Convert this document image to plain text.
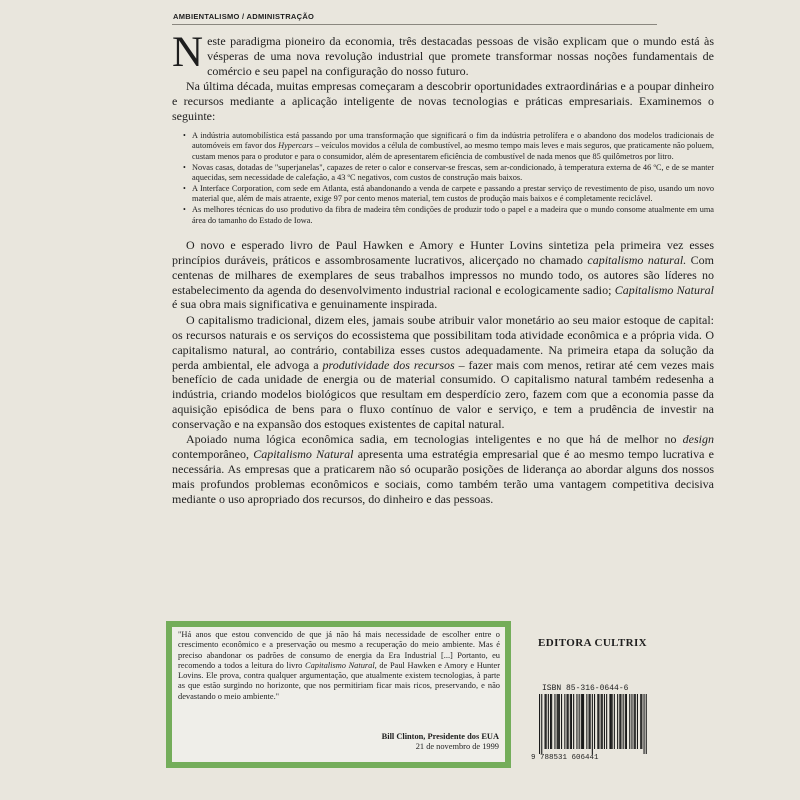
AMBIENTALISMO / ADMINISTRAÇÃO

Neste paradigma pioneiro da economia, três destacadas pessoas de visão explicam que o mundo está às vésperas de uma nova revolução industrial que promete transformar nossas noções fundamentais de comércio e seu papel na configuração do nosso futuro.

Na última década, muitas empresas começaram a descobrir oportunidades extraordinárias e a poupar dinheiro e recursos mediante a aplicação inteligente de novas tecnologias e práticas empresariais. Examinemos o seguinte:

• A indústria automobilística está passando por uma transformação que significará o fim da indústria petrolífera e o abandono dos modelos tradicionais de automóveis em favor dos Hypercars – veículos movidos a célula de combustível, ao mesmo tempo mais leves e mais seguros, que praticamente não poluem, custam menos para o produtor e para o consumidor, além de apresentarem eficiência de combustível de nada menos que 85 quilômetros por litro.
• Novas casas, dotadas de "superjanelas", capazes de reter o calor e conservar-se frescas, sem ar-condicionado, à temperatura externa de 46 ºC, e de se manter aquecidas, sem necessidade de calefação, a 43 ºC negativos, com custos de construção mais baixos.
• A Interface Corporation, com sede em Atlanta, está abandonando a venda de carpete e passando a prestar serviço de revestimento de piso, usando um novo material que, além de mais atraente, exige 97 por cento menos material, tem custos de produção mais baixos e é completamente reciclável.
• As melhores técnicas do uso produtivo da fibra de madeira têm condições de produzir todo o papel e a madeira que o mundo consome atualmente em uma área do tamanho do Estado de Iowa.

O novo e esperado livro de Paul Hawken e Amory e Hunter Lovins sintetiza pela primeira vez esses princípios duráveis, práticos e assombrosamente lucrativos, alicerçado no chamado capitalismo natural. Com centenas de milhares de exemplares de seus trabalhos impressos no mundo todo, os autores são líderes no estabelecimento da agenda do desenvolvimento industrial racional e ecologicamente sadio; Capitalismo Natural é sua obra mais significativa e genuinamente inspirada.

O capitalismo tradicional, dizem eles, jamais soube atribuir valor monetário ao seu maior estoque de capital: os recursos naturais e os serviços do ecossistema que possibilitam toda atividade econômica e a própria vida. O capitalismo natural, ao contrário, contabiliza esses custos adequadamente. Na primeira etapa da solução da perda ambiental, ele advoga a produtividade dos recursos – fazer mais com menos, retirar até cem vezes mais benefício de cada unidade de energia ou de material consumido. O capitalismo natural também redesenha a indústria, criando modelos biológicos que resultam em desperdício zero, fazem com que a economia passe da aquisição episódica de bens para o fluxo contínuo de valor e serviço, e tem a prudência de investir na conservação e na expansão dos estoques existentes de capital natural.

Apoiado numa lógica econômica sadia, em tecnologias inteligentes e no que há de melhor no design contemporâneo, Capitalismo Natural apresenta uma estratégia empresarial que é ao mesmo tempo lucrativa e necessária. As empresas que a praticarem não só ocuparão posições de liderança ao abordar alguns dos nossos mais profundos problemas econômicos e sociais, como também terão uma vantagem competitiva decisiva mediante o uso apropriado dos recursos, do dinheiro e das pessoas.

"Há anos que estou convencido de que já não há mais necessidade de escolher entre o crescimento econômico e a preservação ou mesmo a recuperação do meio ambiente. Mas é preciso abandonar os padrões de consumo de energia da Era Industrial [...] Portanto, eu recomendo a todos a leitura do livro Capitalismo Natural, de Paul Hawken e Amory e Hunter Lovins. Ele prova, contra qualquer argumentação, que atualmente existem tecnologias, à parte as que estão surgindo no horizonte, que nos permitiriam ficar mais ricos, preservando, e não devastando o meio ambiente."
Bill Clinton, Presidente dos EUA
21 de novembro de 1999
EDITORA CULTRIX
ISBN 85-316-0644-6
9 788531 606441
